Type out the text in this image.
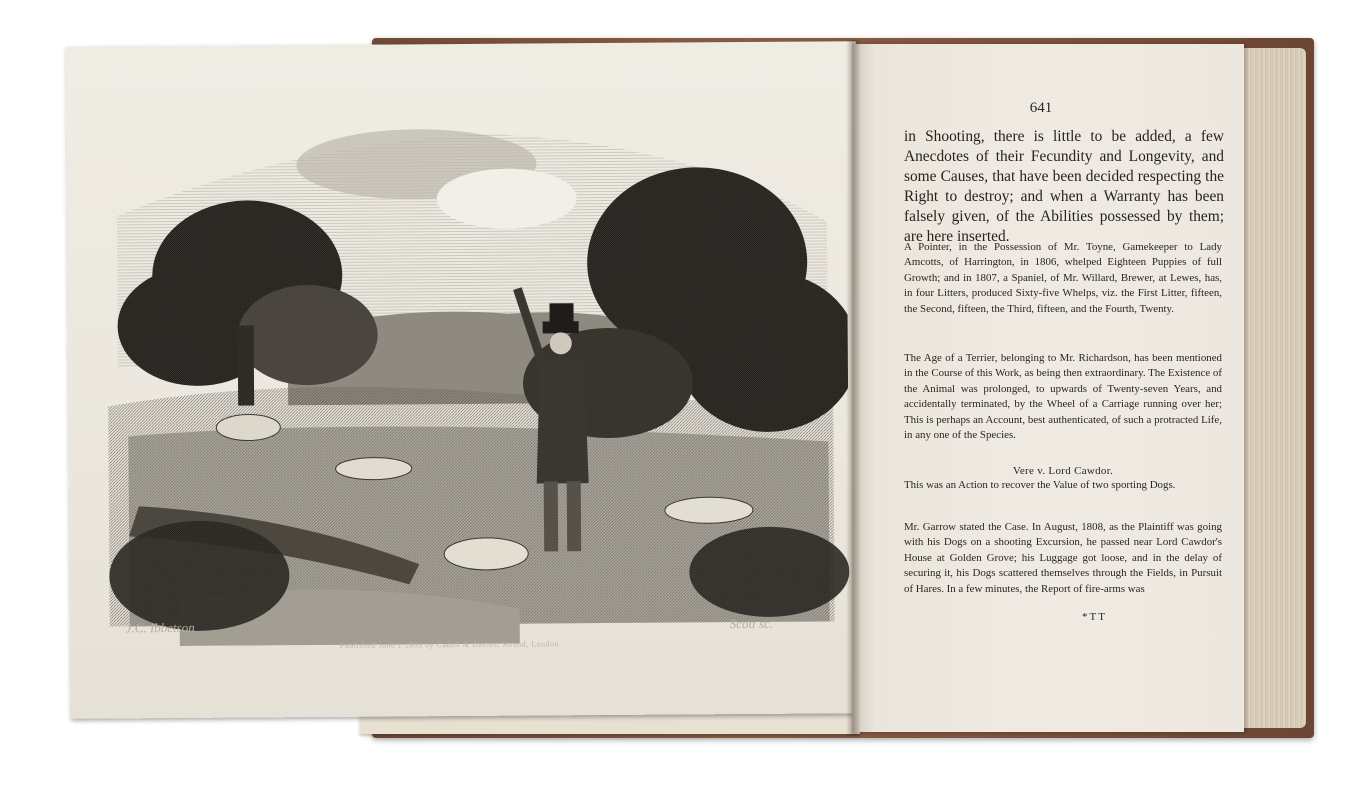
J.C. Ibbetson	Scott sc.
Published June 1 1809 by Cadell & Davies, Strand, London
641
in Shooting, there is little to be added, a few Anecdotes of their Fecundity and Longevity, and some Causes, that have been decided respecting the Right to destroy; and when a Warranty has been falsely given, of the Abilities possessed by them; are here inserted.
A Pointer, in the Possession of Mr. Toyne, Gamekeeper to Lady Amcotts, of Harrington, in 1806, whelped Eighteen Puppies of full Growth; and in 1807, a Spaniel, of Mr. Willard, Brewer, at Lewes, has, in four Litters, produced Sixty-five Whelps, viz. the First Litter, fifteen, the Second, fifteen, the Third, fifteen, and the Fourth, Twenty.
The Age of a Terrier, belonging to Mr. Richardson, has been mentioned in the Course of this Work, as being then extraordinary. The Existence of the Animal was prolonged, to upwards of Twenty-seven Years, and accidentally terminated, by the Wheel of a Carriage running over her; This is perhaps an Account, best authenticated, of such a protracted Life, in any one of the Species.
Vere v. Lord Cawdor.
This was an Action to recover the Value of two sporting Dogs.
Mr. Garrow stated the Case. In August, 1808, as the Plaintiff was going with his Dogs on a shooting Excursion, he passed near Lord Cawdor's House at Golden Grove; his Luggage got loose, and in the delay of securing it, his Dogs scattered themselves through the Fields, in Pursuit of Hares. In a few minutes, the Report of fire-arms was
*TT
